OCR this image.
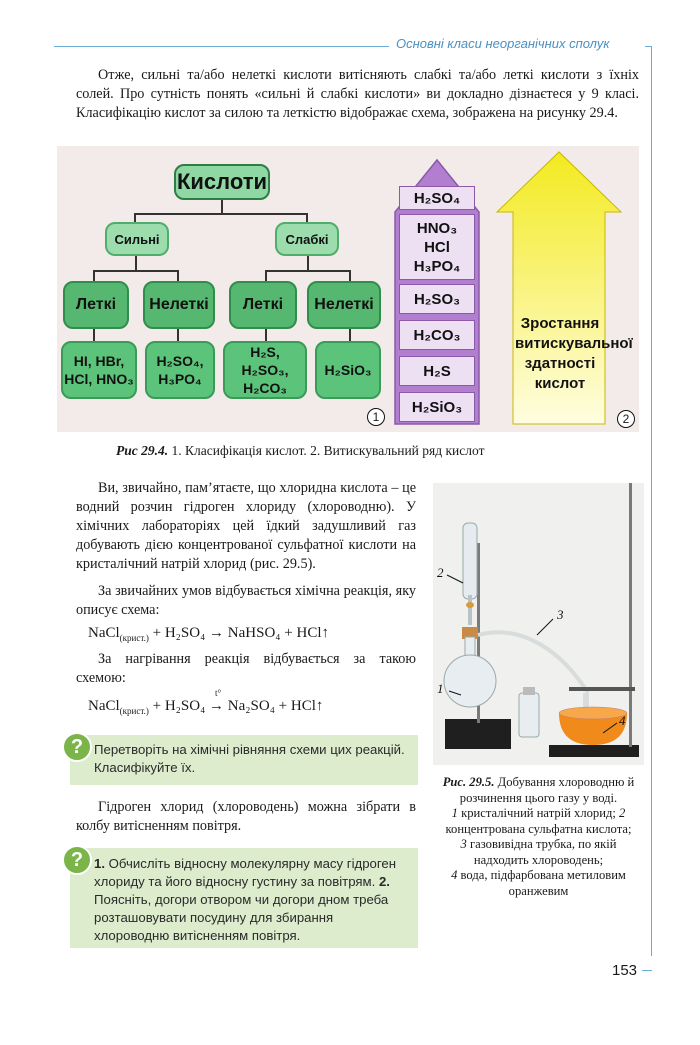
Основні класи неорганічних сполук

Отже, сильні та/або нелеткі кислоти витісняють слабкі та/або леткі кислоти з їхніх солей. Про сутність понять «сильні й слабкі кислоти» ви докладно дізнаєтеся у 9 класі. Класифікацію кислот за силою та леткістю відображає схема, зображена на рисунку 29.4.

Кислоти
Сильні	Слабкі
Леткі	Нелеткі	Леткі	Нелеткі
HI, HBr, HCl, HNO₃
H₂SO₄, H₃PO₄
H₂S, H₂SO₃, H₂CO₃
H₂SiO₃
1
H₂SO₄
HNO₃
HCl
H₃PO₄
H₂SO₃
H₂CO₃
H₂S
H₂SiO₃
Зростання витискувальної здатності кислот
2
Рис 29.4. 1. Класифікація кислот. 2. Витискувальний ряд кислот

Ви, звичайно, пам’ятаєте, що хлоридна кислота – це водний розчин гідроген хлориду (хлороводню). У хімічних лабораторіях цей їдкий задушливий газ добувають дією концентрованої сульфатної кислоти на кристалічний натрій хлорид (рис. 29.5).

За звичайних умов відбувається хімічна реакція, яку описує схема:

NaCl$_{(крист.)}$ + H₂SO₄ → NaHSO₄ + HCl↑

За нагрівання реакція відбувається за такою схемою:

NaCl$_{(крист.)}$ + H₂SO₄
t°
→ Na₂SO₄ + HCl↑
? Перетворіть на хімічні рівняння схеми цих реакцій. Класифікуйте їх.

Гідроген хлорид (хлороводень) можна зібрати в колбу витісненням повітря.

? 1. Обчисліть відносну молекулярну масу гідроген хлориду та його відносну густину за повітрям. 2. Поясніть, догори отвором чи догори дном треба розташовувати посудину для збирання хлороводню витісненням повітря.
1
2
3
4
Рис. 29.5. Добування хлороводню й розчинення цього газу у воді.
1 кристалічний натрій хлорид; 2 концентрована сульфатна кислота;
3 газовивідна трубка, по якій надходить хлороводень;
4 вода, підфарбована метиловим оранжевим
153
